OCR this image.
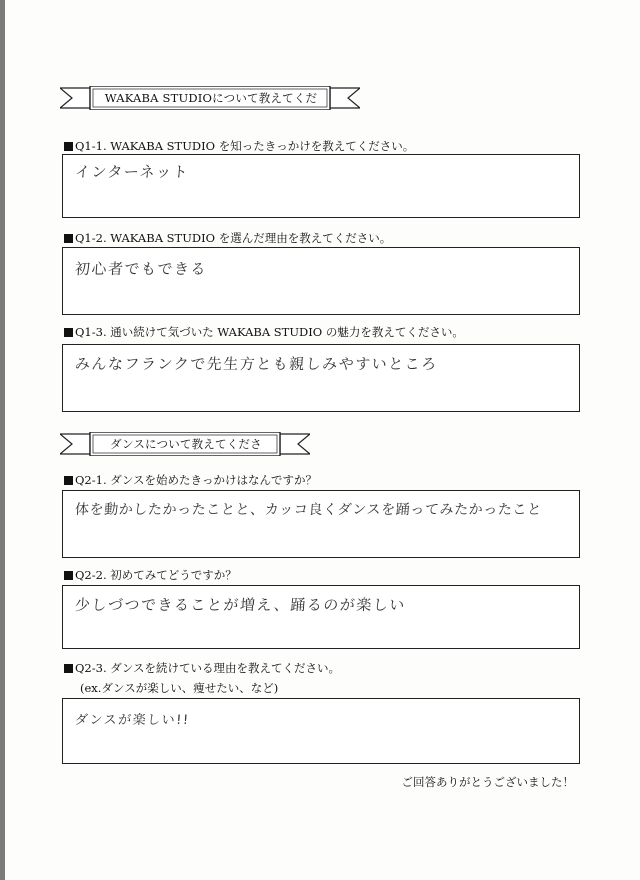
WAKABA STUDIOについて教えてくだ
Q1-1. WAKABA STUDIO を知ったきっかけを教えてください。
インターネット
Q1-2. WAKABA STUDIO を選んだ理由を教えてください。
初心者でもできる
Q1-3. 通い続けて気づいた WAKABA STUDIO の魅力を教えてください。
みんなフランクで先生方とも親しみやすいところ
ダンスについて教えてくださ
Q2-1. ダンスを始めたきっかけはなんですか？
体を動かしたかったことと、カッコ良くダンスを踊ってみたかったこと
Q2-2. 初めてみてどうですか？
少しづつできることが増え、踊るのが楽しい
Q2-3. ダンスを続けている理由を教えてください。
(ex.ダンスが楽しい、痩せたい、など)
ダンスが楽しい!!
ご回答ありがとうございました！
